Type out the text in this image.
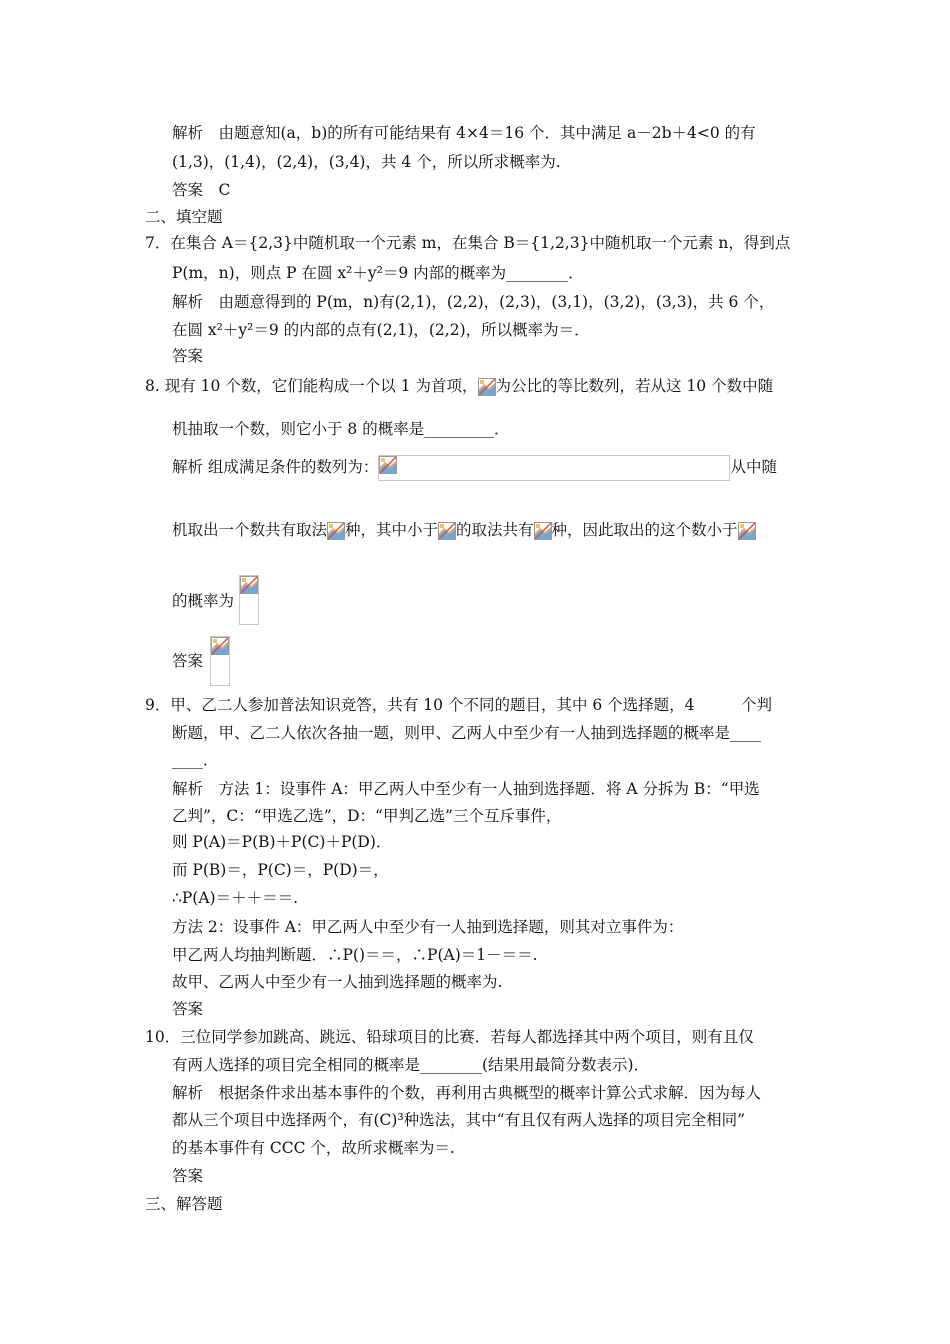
解析　由题意知(a，b)的所有可能结果有 4×4＝16 个．其中满足 a－2b＋4<0 的有
(1,3)，(1,4)，(2,4)，(3,4)，共 4 个，所以所求概率为.
答案　C
二、填空题
7．在集合 A＝{2,3}中随机取一个元素 m，在集合 B＝{1,2,3}中随机取一个元素 n，得到点
P(m，n)，则点 P 在圆 x²＋y²＝9 内部的概率为________．
解析　由题意得到的 P(m，n)有(2,1)，(2,2)，(2,3)，(3,1)，(3,2)，(3,3)，共 6 个，
在圆 x²＋y²＝9 的内部的点有(2,1)，(2,2)，所以概率为＝．
答案
8. 现有 10 个数，它们能构成一个以 1 为首项， 为公比的等比数列，若从这 10 个数中随
机抽取一个数，则它小于 8 的概率是_________．
解析 组成满足条件的数列为：	从中随
机取出一个数共有取法 种，其中小于 的取法共有 种，因此取出的这个数小于
的概率为
答案
9．甲、乙二人参加普法知识竞答，共有 10 个不同的题目，其中 6 个选择题，4　　　个判
断题，甲、乙二人依次各抽一题，则甲、乙两人中至少有一人抽到选择题的概率是____
____．
解析　方法 1：设事件 A：甲乙两人中至少有一人抽到选择题．将 A 分拆为 B：“甲选
乙判”，C：“甲选乙选”，D：“甲判乙选”三个互斥事件，
则 P(A)＝P(B)＋P(C)＋P(D)．
而 P(B)＝，P(C)＝，P(D)＝，
∴P(A)＝＋＋＝＝.
方法 2：设事件 A：甲乙两人中至少有一人抽到选择题，则其对立事件为：
甲乙两人均抽判断题．∴P()＝＝，∴P(A)＝1－＝＝.
故甲、乙两人中至少有一人抽到选择题的概率为.
答案
10．三位同学参加跳高、跳远、铅球项目的比赛．若每人都选择其中两个项目，则有且仅
有两人选择的项目完全相同的概率是________(结果用最简分数表示)．
解析　根据条件求出基本事件的个数，再利用古典概型的概率计算公式求解．因为每人
都从三个项目中选择两个，有(C)³种选法，其中“有且仅有两人选择的项目完全相同”
的基本事件有 CCC 个，故所求概率为＝.
答案
三、解答题
